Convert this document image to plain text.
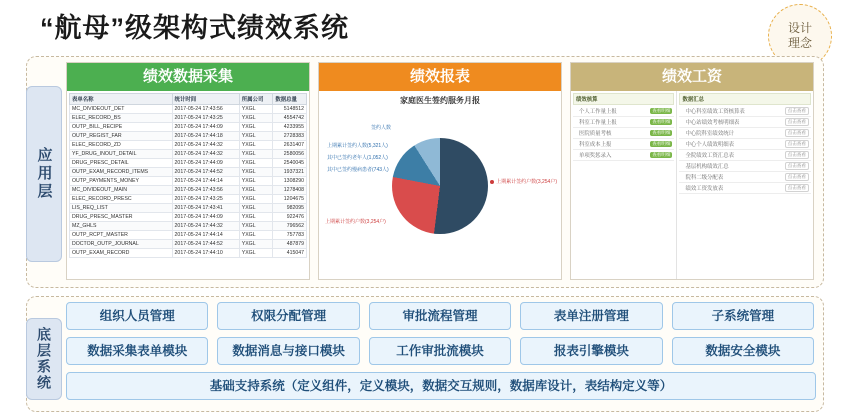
“航母”级架构式绩效系统	设计
理念
应用层
绩效数据采集
表单名称	统计时间	所属公司	数据总量
MC_DIVIDEOUT_DET	2017-05-24 17:43:56	YXGL	5148512
ELEC_RECORD_BS	2017-05-24 17:43:25	YXGL	4554742
OUTP_BILL_RECIPE	2017-05-24 17:44:09	YXGL	4233955
OUTP_REGIST_FAR	2017-05-24 17:44:18	YXGL	2728383
ELEC_RECORD_ZD	2017-05-24 17:44:32	YXGL	2631407
YF_DRUG_INOUT_DETAIL	2017-05-24 17:44:32	YXGL	2580056
DRUG_PRESC_DETAIL	2017-05-24 17:44:09	YXGL	2540045
OUTP_EXAM_RECORD_ITEMS	2017-05-24 17:44:52	YXGL	1937321
OUTP_PAYMENTS_MONEY	2017-05-24 17:44:14	YXGL	1308290
MC_DIVIDEOUT_MAIN	2017-05-24 17:43:56	YXGL	1278408
ELEC_RECORD_PRESC	2017-05-24 17:43:25	YXGL	1204675
LIS_REQ_LIST	2017-05-24 17:43:41	YXGL	982095
DRUG_PRESC_MASTER	2017-05-24 17:44:09	YXGL	922476
MZ_GHLS	2017-05-24 17:44:32	YXGL	796562
OUTP_RCPT_MASTER	2017-05-24 17:44:14	YXGL	757783
DOCTOR_OUTP_JOURNAL	2017-05-24 17:44:52	YXGL	487879
OUTP_EXAM_RECORD	2017-05-24 17:44:10	YXGL	415047
绩效报表
家庭医生签约服务月报
上期累计签约人数(5,321人)
其中已签约老年人(1,052人)
其中已签约慢病患者(743人)
上期累计签约户数(3,254户)
上期累计签约户数(3,254户)
签约人数
绩效工资
绩效核算
个人工作量上报	查看明细
科室工作量上报	查看明细
医院质量考核	查看明细
科室成本上报	查看明细
单项奖惩录入	查看明细
数据汇总
中心科室绩效工资核算表	点击查看
中心站绩效考核明细表	点击查看
中心院科室绩效统计	点击查看
中心个人绩效明细表	点击查看
全院绩效工资汇总表	点击查看
基层机构绩效汇总	点击查看
院科二级分配表	点击查看
绩效工资发放表	点击查看
底层系统
组织人员管理	权限分配管理	审批流程管理	表单注册管理	子系统管理
数据采集表单模块	数据消息与接口模块	工作审批流模块	报表引擎模块	数据安全模块
基础支持系统（定义组件，定义模块，数据交互规则，数据库设计，表结构定义等）
